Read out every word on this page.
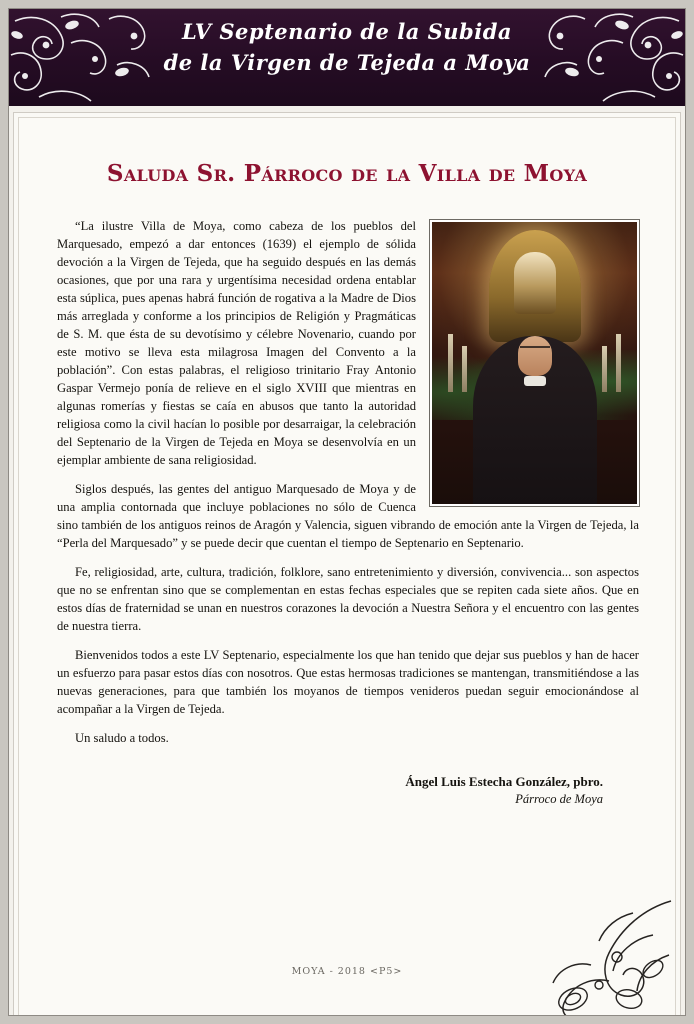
LV Septenario de la Subida
de la Virgen de Tejeda a Moya
Saluda Sr. Párroco de la Villa de Moya

“La ilustre Villa de Moya, como cabeza de los pueblos del Marquesado, empezó a dar entonces (1639) el ejemplo de sólida devoción a la Virgen de Tejeda, que ha seguido después en las demás ocasiones, que por una rara y urgentísima necesidad ordena entablar esta súplica, pues apenas habrá función de rogativa a la Madre de Dios más arreglada y conforme a los principios de Religión y Pragmáticas de S. M. que ésta de su devotísimo y célebre Novenario, cuando por este motivo se lleva esta milagrosa Imagen del Convento a la población”. Con estas palabras, el religioso trinitario Fray Antonio Gaspar Vermejo ponía de relieve en el siglo XVIII que mientras en algunas romerías y fiestas se caía en abusos que tanto la autoridad religiosa como la civil hacían lo posible por desarraigar, la celebración del Septenario de la Virgen de Tejeda en Moya se desenvolvía en un ejemplar ambiente de sana religiosidad.

Siglos después, las gentes del antiguo Marquesado de Moya y de una amplia contornada que incluye poblaciones no sólo de Cuenca sino también de los antiguos reinos de Aragón y Valencia, siguen vibrando de emoción ante la Virgen de Tejeda, la “Perla del Marquesado” y se puede decir que cuentan el tiempo de Septenario en Septenario.

Fe, religiosidad, arte, cultura, tradición, folklore, sano entretenimiento y diversión, convivencia... son aspectos que no se enfrentan sino que se complementan en estas fechas especiales que se repiten cada siete años. Que en estos días de fraternidad se unan en nuestros corazones la devoción a Nuestra Señora y el encuentro con las gentes de nuestra tierra.

Bienvenidos todos a este LV Septenario, especialmente los que han tenido que dejar sus pueblos y han de hacer un esfuerzo para pasar estos días con nosotros. Que estas hermosas tradiciones se mantengan, transmitiéndose a las nuevas generaciones, para que también los moyanos de tiempos venideros puedan seguir emocionándose al acompañar a la Virgen de Tejeda.

Un saludo a todos.

Ángel Luis Estecha González, pbro.
Párroco de Moya
MOYA - 2018 <P5>
